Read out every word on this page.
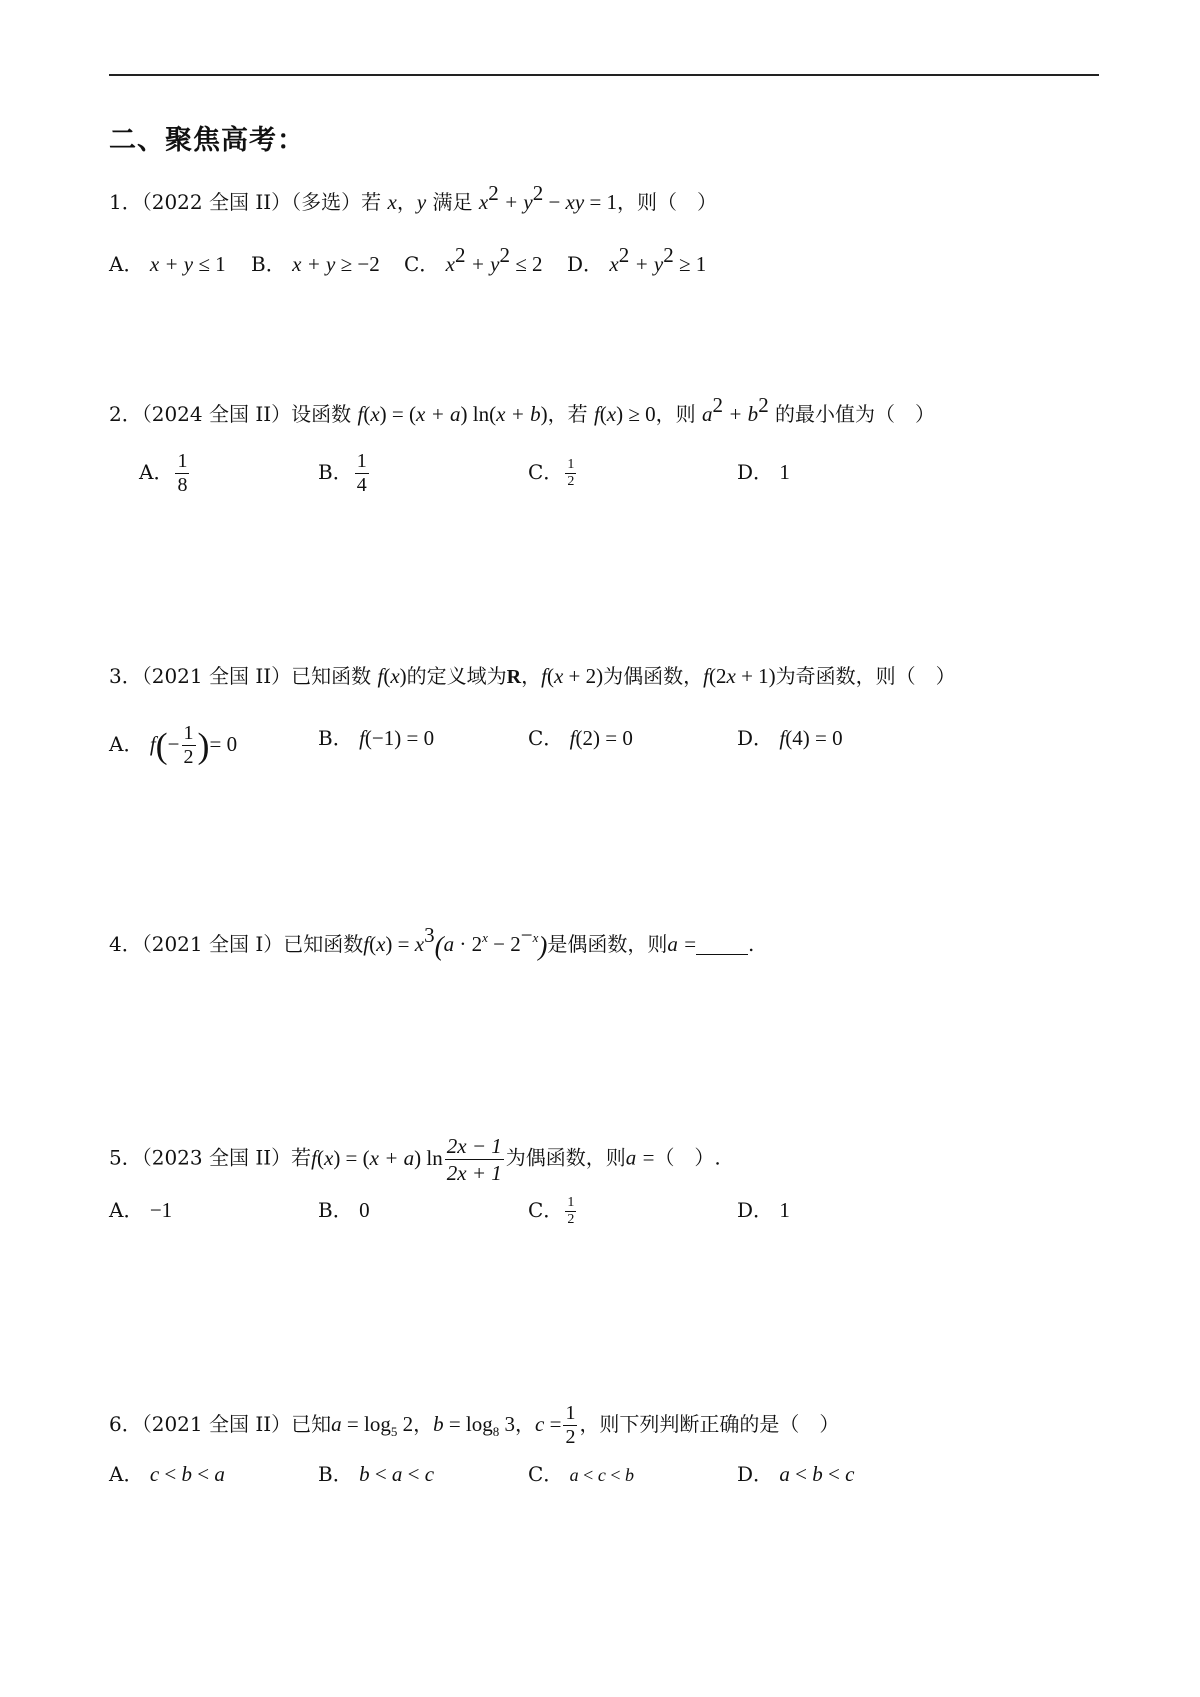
二、聚焦高考：
1．（2022 全国 II）（多选）若 x，y 满足 $x^2 + y^2$ − xy = 1，则（　）
A． x + y ≤ 1 B． x + y ≥ −2 C． $x^2 + y^2 \le 2$ D． $x^2 + y^2 \ge 1$
2．（2024 全国 II）设函数 f(x) = (x + a) ln(x + b)，若 f(x) ≥ 0，则 $a^2 + b^2$ 的最小值为（　）
A． $\frac{1}{8}$	B． $\frac{1}{4}$	C． $\frac{1}{2}$	D． 1
3．（2021 全国 II）已知函数 f(x)的定义域为R，f(x + 2)为偶函数，f(2x + 1)为奇函数，则（　）
A． $f(- \frac{1}{2}$ )= 0	B． f(−1) = 0	C． f(2) = 0	D． f(4) = 0
4．（2021 全国 I）已知函数$f(x) = x^3(a \cdot 2^x - 2^{-x})$是偶函数，则a =	.
5．（2023 全国 II）若f(x) = (x + a) $\ln \frac{2x - 1}{2x + 1}$ 为偶函数，则a =（　）.
A． −1	B． 0	C． $\frac{1}{2}$	D． 1
6．（2021 全国 II）已知$a = \log_5 2$，$b = \log_8 3$，$c = \frac{1}{2}$ ，则下列判断正确的是（　）
A． c < b < a	B． b < a < c	C． a < c < b	D． a < b < c
